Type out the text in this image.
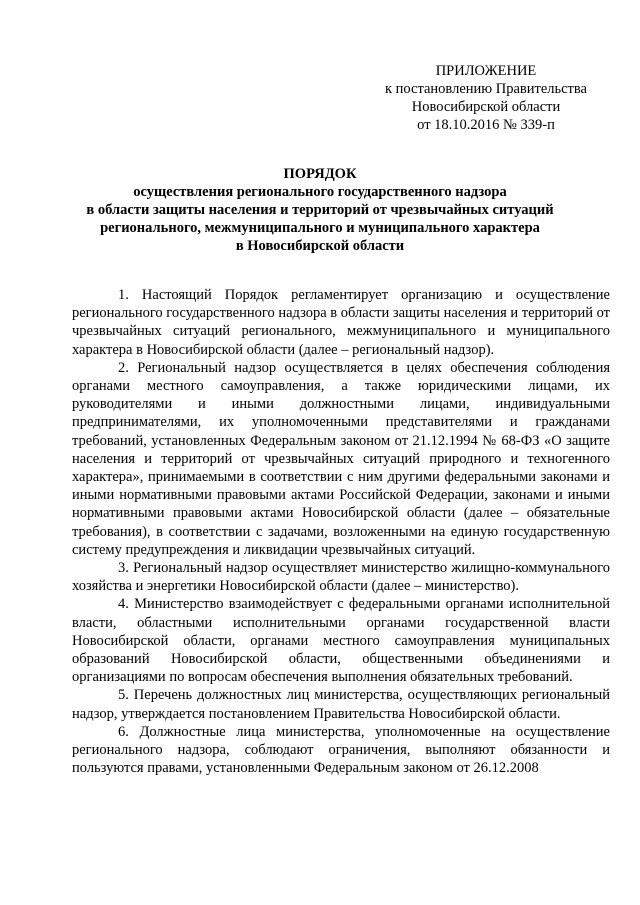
ПРИЛОЖЕНИЕ
к постановлению Правительства
Новосибирской области
от 18.10.2016 № 339-п
ПОРЯДОК
осуществления регионального государственного надзора
в области защиты населения и территорий от чрезвычайных ситуаций
регионального, межмуниципального и муниципального характера
в Новосибирской области

1. Настоящий Порядок регламентирует организацию и осуществление регионального государственного надзора в области защиты населения и территорий от чрезвычайных ситуаций регионального, межмуниципального и муниципального характера в Новосибирской области (далее – региональный надзор).

2. Региональный надзор осуществляется в целях обеспечения соблюдения органами местного самоуправления, а также юридическими лицами, их руководителями и иными должностными лицами, индивидуальными предпринимателями, их уполномоченными представителями и гражданами требований, установленных Федеральным законом от 21.12.1994 № 68-ФЗ «О защите населения и территорий от чрезвычайных ситуаций природного и техногенного характера», принимаемыми в соответствии с ним другими федеральными законами и иными нормативными правовыми актами Российской Федерации, законами и иными нормативными правовыми актами Новосибирской области (далее – обязательные требования), в соответствии с задачами, возложенными на единую государственную систему предупреждения и ликвидации чрезвычайных ситуаций.

3. Региональный надзор осуществляет министерство жилищно-коммунального хозяйства и энергетики Новосибирской области (далее – министерство).

4. Министерство взаимодействует с федеральными органами исполнительной власти, областными исполнительными органами государственной власти Новосибирской области, органами местного самоуправления муниципальных образований Новосибирской области, общественными объединениями и организациями по вопросам обеспечения выполнения обязательных требований.

5. Перечень должностных лиц министерства, осуществляющих региональный надзор, утверждается постановлением Правительства Новосибирской области.

6. Должностные лица министерства, уполномоченные на осуществление регионального надзора, соблюдают ограничения, выполняют обязанности и пользуются правами, установленными Федеральным законом от 26.12.2008
